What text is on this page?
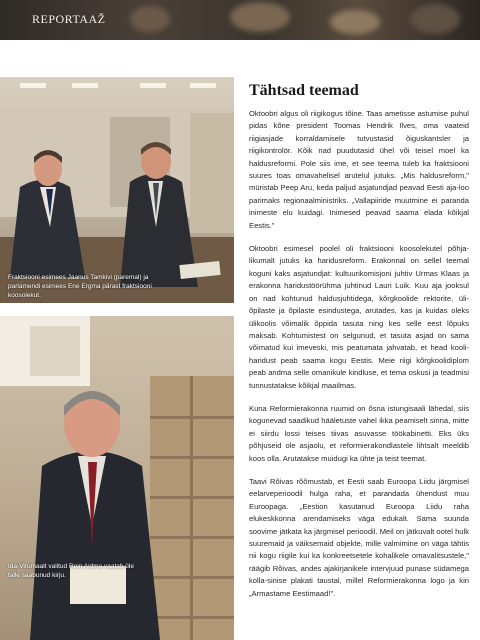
REPORTAAŽ
Fraktsiooni esimees Jaanus Tamkivi (paremal) ja
parlamendi esimees Ene Ergma pärast fraktsiooni
koosolekut.
Ida-Virumaalt valitud Rein Aidma vaatab üle
talle saabunud kirju.
Tähtsad teemad

Oktoobri algus oli riigikogus tõine. Taas ametisse astumise puhul pidas kõne president Toomas Hendrik Ilves, oma vaateid riigiasjade korraldamisele tutvustasid õiguskantsler ja riigikontrolör. Kõik nad puudutasid ühel või teisel moel ka haldusreformi. Pole siis ime, et see teema tuleb ka fraktsiooni suures toas omavahelisel arutelul jutuks. „Mis haldusreform," müristab Peep Aru, keda paljud asjatundjad peavad Eesti aja-loo parimaks regionaalministriks. „Vallapiiride muutmine ei paranda inimeste elu kuidagi. Inimesed peavad saama elada kõikjal Eestis."

Oktoobri esimesel poolel oli fraktsiooni koosolekutel põhja-likumalt jutuks ka haridusreform. Erakonnal on sellel teemal koguni kaks asjatundjat: kultuurikomisjoni juhtiv Urmas Klaas ja erakonna haridustöörühma juhtinud Lauri Luik. Kuu aja jooksul on nad kohtunud haldusjuhtidega, kõrgkoolide rektorite, üli-õpilaste ja õpilaste esindustega, arutades, kas ja kuidas oleks ülikoolis võimalik õppida tasuta ning kes selle eest lõpuks maksab. Kohtumistest on selgunud, et tasuta asjad on sama võimatud kui imeveski, mis peatumata jahvatab, et head kooli-haridust peab saama kogu Eestis. Meie riigi kõrgkoolidiplom peab andma selle omanikule kindluse, et tema oskusi ja teadmisi tunnustatakse kõikjal maailmas.

Kuna Reformierakonna ruumid on õsna istungisaali lähedal, siis kogunevad saadikud hääletuste vahel ikka peamiselt sinna, mitte ei siirdu lossi teises tiivas asuvasse töökabinetti. Eks üks põhjuseid ole asjaolu, et reformierakondlastele lihtsalt meeldib koos olla. Arutatakse muidugi ka ühte ja teist teemat.

Taavi Rõivas rõõmustab, et Eesti saab Euroopa Liidu järgmisel eelarveperioodil hulga raha, et parandada ühendust muu Euroopaga. „Eestion kasutanud Euroopa Liidu raha elukeskkonna arendamiseks väga edukalt. Sama suunda soovime jätkata ka järgmisel perioodil. Meil on jätkuvalt ootel hulk suuremaid ja väiksemaid objekte, mille valmimine on väga tähtis nii kogu riigile kui ka konkreetsetele kohalikele omavalitsustele," räägib Rõivas, andes ajakirjanikele intervjuud punase südamega kolla-sinise plakati taustal, millel Reformierakonna logo ja kiri „Armastame Eestimaad!".
